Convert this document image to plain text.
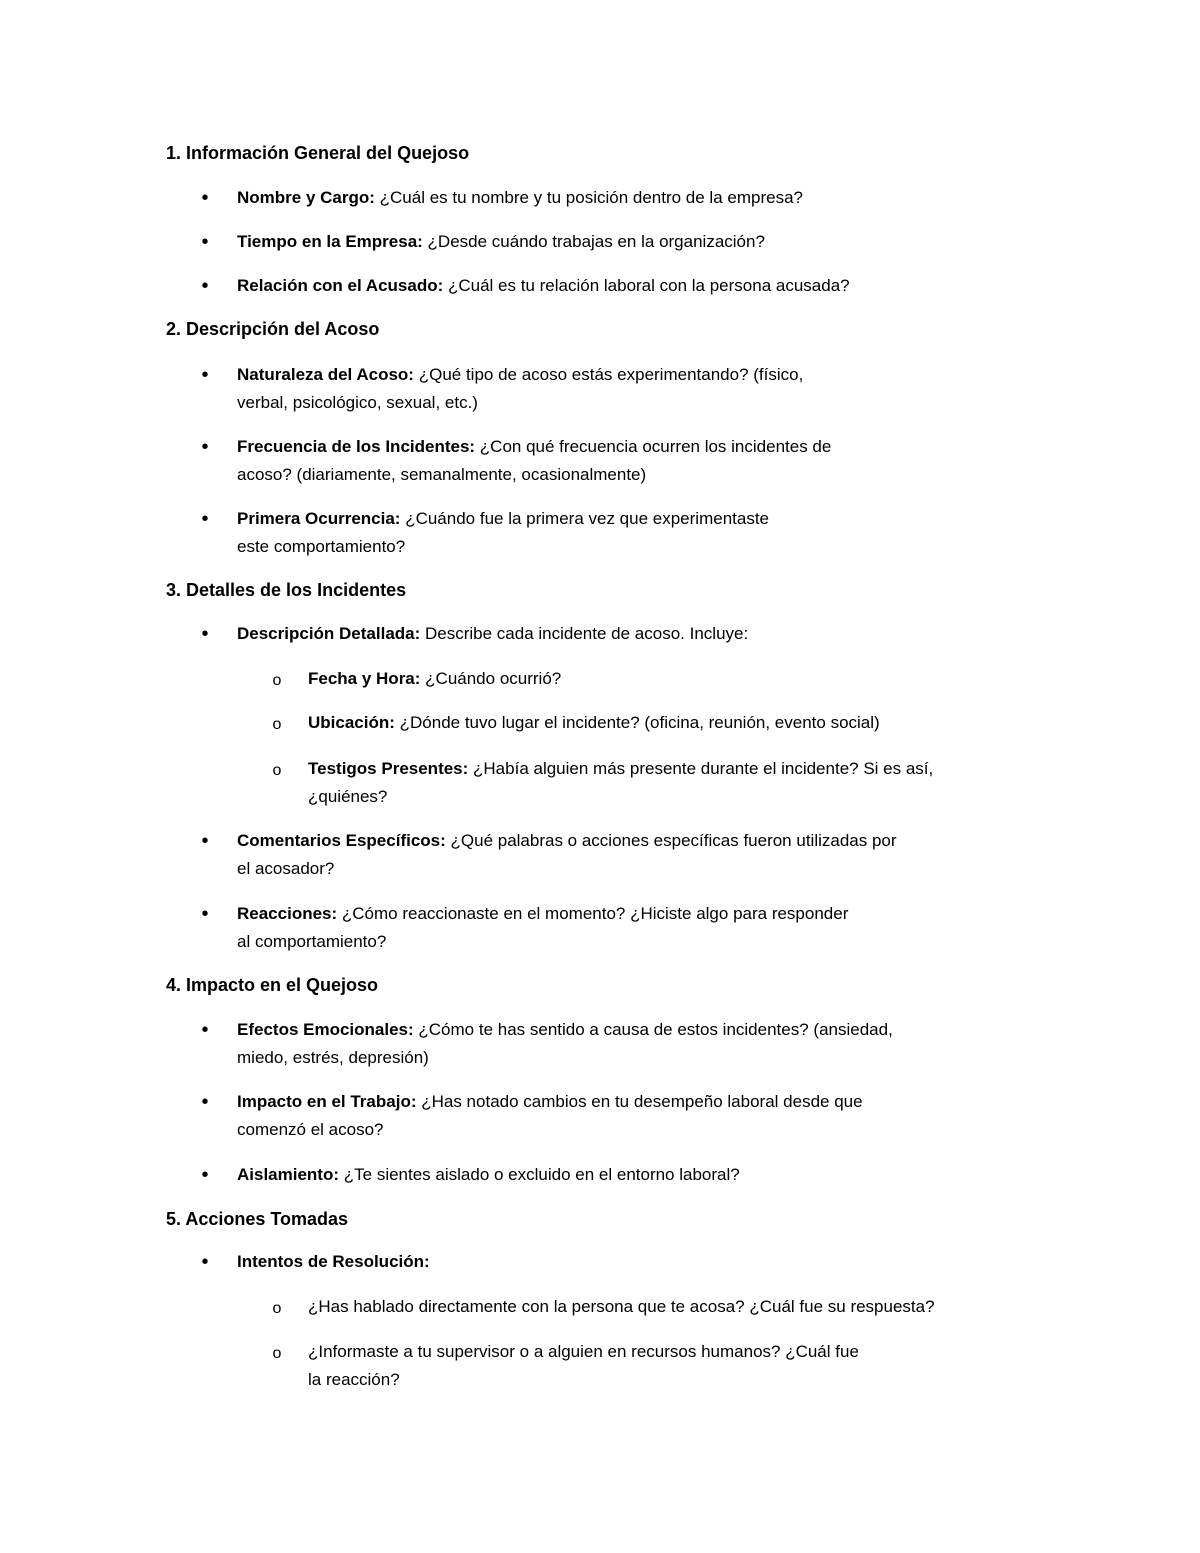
1. Información General del Quejoso
• Nombre y Cargo: ¿Cuál es tu nombre y tu posición dentro de la empresa?
• Tiempo en la Empresa: ¿Desde cuándo trabajas en la organización?
• Relación con el Acusado: ¿Cuál es tu relación laboral con la persona acusada?
2. Descripción del Acoso
• Naturaleza del Acoso: ¿Qué tipo de acoso estás experimentando? (físico,
verbal, psicológico, sexual, etc.)
• Frecuencia de los Incidentes: ¿Con qué frecuencia ocurren los incidentes de
acoso? (diariamente, semanalmente, ocasionalmente)
• Primera Ocurrencia: ¿Cuándo fue la primera vez que experimentaste
este comportamiento?
3. Detalles de los Incidentes
• Descripción Detallada: Describe cada incidente de acoso. Incluye:
o Fecha y Hora: ¿Cuándo ocurrió?
o Ubicación: ¿Dónde tuvo lugar el incidente? (oficina, reunión, evento social)
o Testigos Presentes: ¿Había alguien más presente durante el incidente? Si es así,
¿quiénes?
• Comentarios Específicos: ¿Qué palabras o acciones específicas fueron utilizadas por
el acosador?
• Reacciones: ¿Cómo reaccionaste en el momento? ¿Hiciste algo para responder
al comportamiento?
4. Impacto en el Quejoso
• Efectos Emocionales: ¿Cómo te has sentido a causa de estos incidentes? (ansiedad,
miedo, estrés, depresión)
• Impacto en el Trabajo: ¿Has notado cambios en tu desempeño laboral desde que
comenzó el acoso?
• Aislamiento: ¿Te sientes aislado o excluido en el entorno laboral?
5. Acciones Tomadas
• Intentos de Resolución:
o ¿Has hablado directamente con la persona que te acosa? ¿Cuál fue su respuesta?
o ¿Informaste a tu supervisor o a alguien en recursos humanos? ¿Cuál fue
la reacción?
